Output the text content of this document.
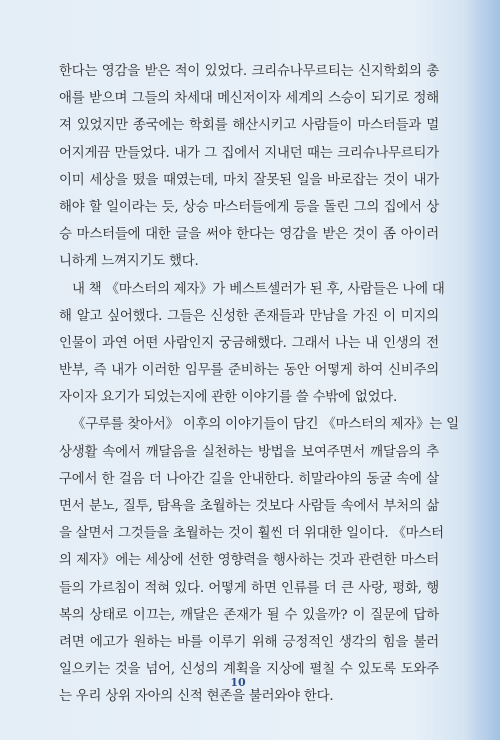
한다는 영감을 받은 적이 있었다. 크리슈나무르티는 신지학회의 총
애를 받으며 그들의 차세대 메신저이자 세계의 스승이 되기로 정해
져 있었지만 종국에는 학회를 해산시키고 사람들이 마스터들과 멀
어지게끔 만들었다. 내가 그 집에서 지내던 때는 크리슈나무르티가
이미 세상을 떴을 때였는데, 마치 잘못된 일을 바로잡는 것이 내가
해야 할 일이라는 듯, 상승 마스터들에게 등을 돌린 그의 집에서 상
승 마스터들에 대한 글을 써야 한다는 영감을 받은 것이 좀 아이러
니하게 느껴지기도 했다.
내 책 《마스터의 제자》가 베스트셀러가 된 후, 사람들은 나에 대
해 알고 싶어했다. 그들은 신성한 존재들과 만남을 가진 이 미지의
인물이 과연 어떤 사람인지 궁금해했다. 그래서 나는 내 인생의 전
반부, 즉 내가 이러한 임무를 준비하는 동안 어떻게 하여 신비주의
자이자 요기가 되었는지에 관한 이야기를 쓸 수밖에 없었다.
《구루를 찾아서》 이후의 이야기들이 담긴 《마스터의 제자》는 일
상생활 속에서 깨달음을 실천하는 방법을 보여주면서 깨달음의 추
구에서 한 걸음 더 나아간 길을 안내한다. 히말라야의 동굴 속에 살
면서 분노, 질투, 탐욕을 초월하는 것보다 사람들 속에서 부처의 삶
을 살면서 그것들을 초월하는 것이 훨씬 더 위대한 일이다. 《마스터
의 제자》에는 세상에 선한 영향력을 행사하는 것과 관련한 마스터
들의 가르침이 적혀 있다. 어떻게 하면 인류를 더 큰 사랑, 평화, 행
복의 상태로 이끄는, 깨달은 존재가 될 수 있을까? 이 질문에 답하
려면 에고가 원하는 바를 이루기 위해 긍정적인 생각의 힘을 불러
일으키는 것을 넘어, 신성의 계획을 지상에 펼칠 수 있도록 도와주
는 우리 상위 자아의 신적 현존을 불러와야 한다.
10
